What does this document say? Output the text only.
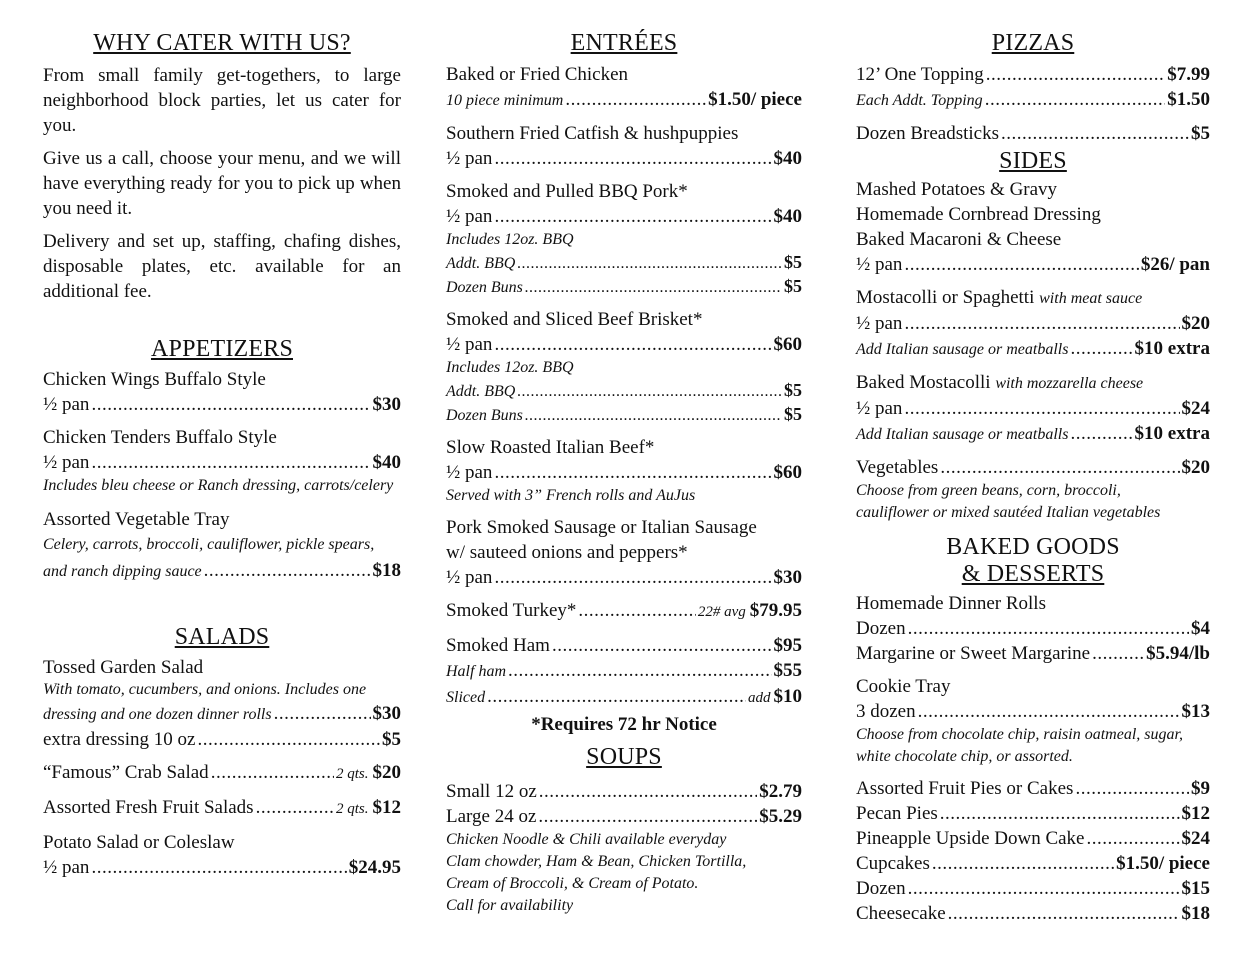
WHY CATER WITH US?
From small family get-togethers, to large neighborhood block parties, let us cater for you.
Give us a call, choose your menu, and we will have everything ready for you to pick up when you need it.
Delivery and set up, staffing, chafing dishes, disposable plates, etc. available for an additional fee.
APPETIZERS
Chicken Wings Buffalo Style
½ pan .....	$30
Chicken Tenders Buffalo Style
½ pan .....	$40
Includes bleu cheese or Ranch dressing, carrots/celery
Assorted Vegetable Tray
Celery, carrots, broccoli, cauliflower, pickle spears,
and ranch dipping sauce .....	$18
SALADS
Tossed Garden Salad
With tomato, cucumbers, and onions. Includes one
dressing and one dozen dinner rolls .....	$30
extra dressing 10 oz .....	$5
“Famous” Crab Salad .....	2 qts. $20
Assorted Fresh Fruit Salads .....	2 qts. $12
Potato Salad or Coleslaw
½ pan .....	$24.95
ENTRÉES
Baked or Fried Chicken
10 piece minimum .....	$1.50/ piece
Southern Fried Catfish & hushpuppies
½ pan .....	$40
Smoked and Pulled BBQ Pork*
½ pan .....	$40
Includes 12oz. BBQ
Addt. BBQ .....	$5
Dozen Buns .....	$5
Smoked and Sliced Beef Brisket*
½ pan .....	$60
Includes 12oz. BBQ
Addt. BBQ .....	$5
Dozen Buns .....	$5
Slow Roasted Italian Beef*
½ pan .....	$60
Served with 3” French rolls and AuJus
Pork Smoked Sausage or Italian Sausage
w/ sauteed onions and peppers*
½ pan .....	$30
Smoked Turkey* .....	22# avg $79.95
Smoked Ham .....	$95
Half ham .....	$55
Sliced .....	add $10
*Requires 72 hr Notice
SOUPS
Small 12 oz .....	$2.79
Large 24 oz .....	$5.29
Chicken Noodle & Chili available everyday
Clam chowder, Ham & Bean, Chicken Tortilla,
Cream of Broccoli, & Cream of Potato.
Call for availability
PIZZAS
12’ One Topping .....	$7.99
Each Addt. Topping .....	$1.50
Dozen Breadsticks .....	$5
SIDES
Mashed Potatoes & Gravy
Homemade Cornbread Dressing
Baked Macaroni & Cheese
½ pan .....	$26/ pan
Mostacolli or Spaghetti with meat sauce
½ pan .....	$20
Add Italian sausage or meatballs .....	$10 extra
Baked Mostacolli with mozzarella cheese
½ pan .....	$24
Add Italian sausage or meatballs .....	$10 extra
Vegetables .....	$20
Choose from green beans, corn, broccoli,
cauliflower or mixed sautéed Italian vegetables
BAKED GOODS
& DESSERTS
Homemade Dinner Rolls
Dozen .....	$4
Margarine or Sweet Margarine .....	$5.94/lb
Cookie Tray
3 dozen .....	$13
Choose from chocolate chip, raisin oatmeal, sugar,
white chocolate chip, or assorted.
Assorted Fruit Pies or Cakes .....	$9
Pecan Pies .....	$12
Pineapple Upside Down Cake .....	$24
Cupcakes .....	$1.50/ piece
Dozen .....	$15
Cheesecake .....	$18
